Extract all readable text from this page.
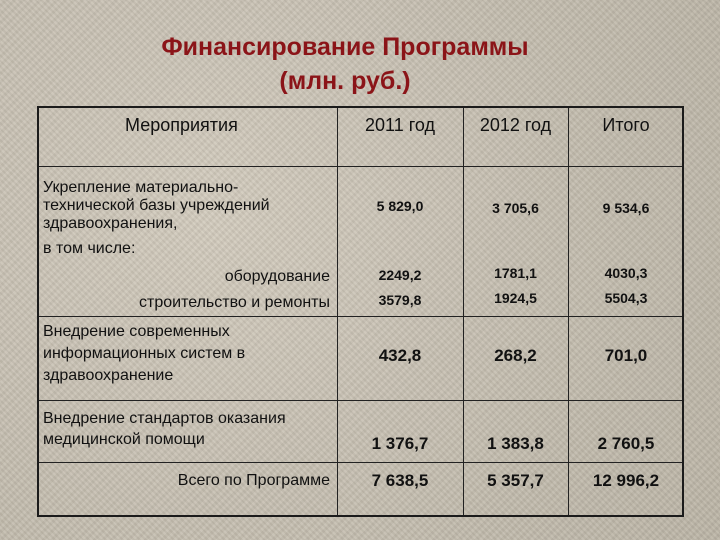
Финансирование Программы
(млн. руб.)
Мероприятия	2011 год	2012 год	Итого
Укрепление материально-
технической базы учреждений
здравоохранения,
в том числе:
5 829,0	3 705,6	9 534,6
оборудование	2249,2	1781,1	4030,3
строительство и ремонты	3579,8	1924,5	5504,3
Внедрение современных
информационных систем в
здравоохранение
432,8	268,2	701,0
Внедрение стандартов оказания
медицинской помощи	1 376,7	1 383,8	2 760,5
Всего по Программе	7 638,5	5 357,7	12 996,2
